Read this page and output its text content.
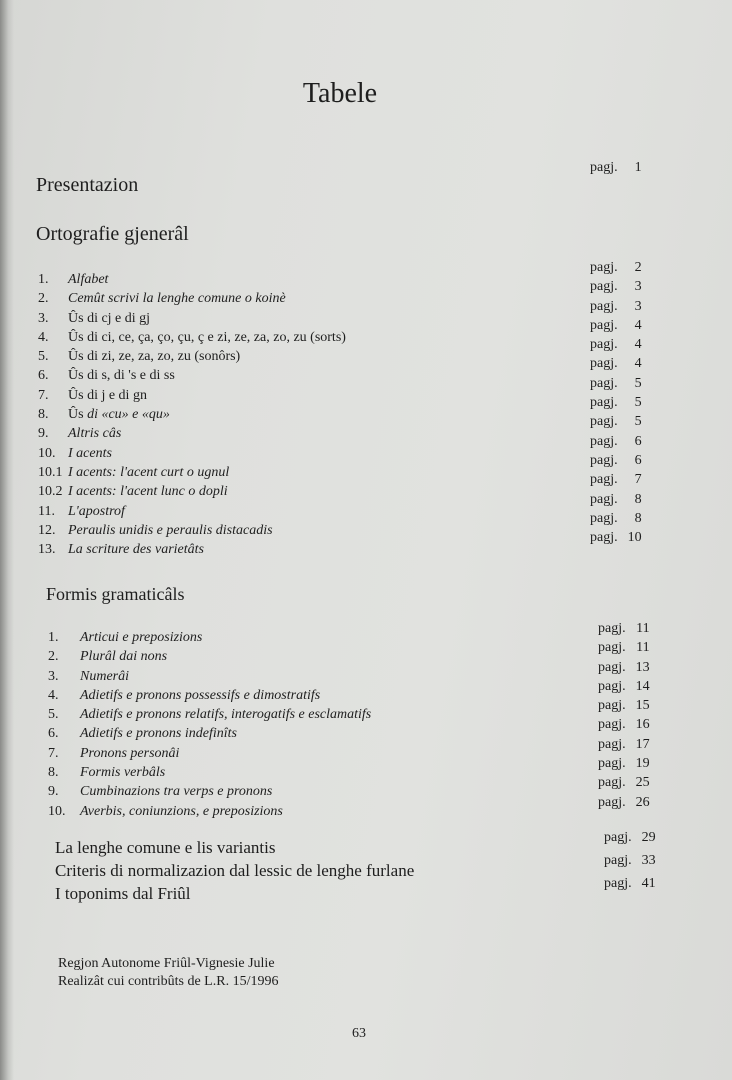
Tabele
Presentazion
pagj. 1
Ortografie gjenerâl
1. Alfabet
2. Cemût scrivi la lenghe comune o koinè
3. Ûs di cj e di gj
4. Ûs di ci, ce, ça, ço, çu, ç e zi, ze, za, zo, zu (sorts)
5. Ûs di zi, ze, za, zo, zu (sonôrs)
6. Ûs di s, di 's e di ss
7. Ûs di j e di gn
8. Ûs di «cu» e «qu»
9. Altris câs
10. I acents
10.1 I acents: l'acent curt o ugnul
10.2 I acents: l'acent lunc o dopli
11. L'apostrof
12. Peraulis unidis e peraulis distacadis
13. La scriture des varietâts
pagj. 2
pagj. 3
pagj. 3
pagj. 4
pagj. 4
pagj. 4
pagj. 5
pagj. 5
pagj. 5
pagj. 6
pagj. 6
pagj. 7
pagj. 8
pagj. 8
pagj. 10
Formis gramaticâls
1. Articui e preposizions
2. Plurâl dai nons
3. Numerâi
4. Adietifs e pronons possessifs e dimostratifs
5. Adietifs e pronons relatifs, interogatifs e esclamatifs
6. Adietifs e pronons indefinîts
7. Pronons personâi
8. Formis verbâls
9. Cumbinazions tra verps e pronons
10. Averbis, coniunzions, e preposizions
pagj. 11
pagj. 11
pagj. 13
pagj. 14
pagj. 15
pagj. 16
pagj. 17
pagj. 19
pagj. 25
pagj. 26
La lenghe comune e lis variantis
Criteris di normalizazion dal lessic de lenghe furlane
I toponims dal Friûl
pagj. 29
pagj. 33
pagj. 41
Regjon Autonome Friûl-Vignesie Julie
Realizât cui contribûts de L.R. 15/1996
63
